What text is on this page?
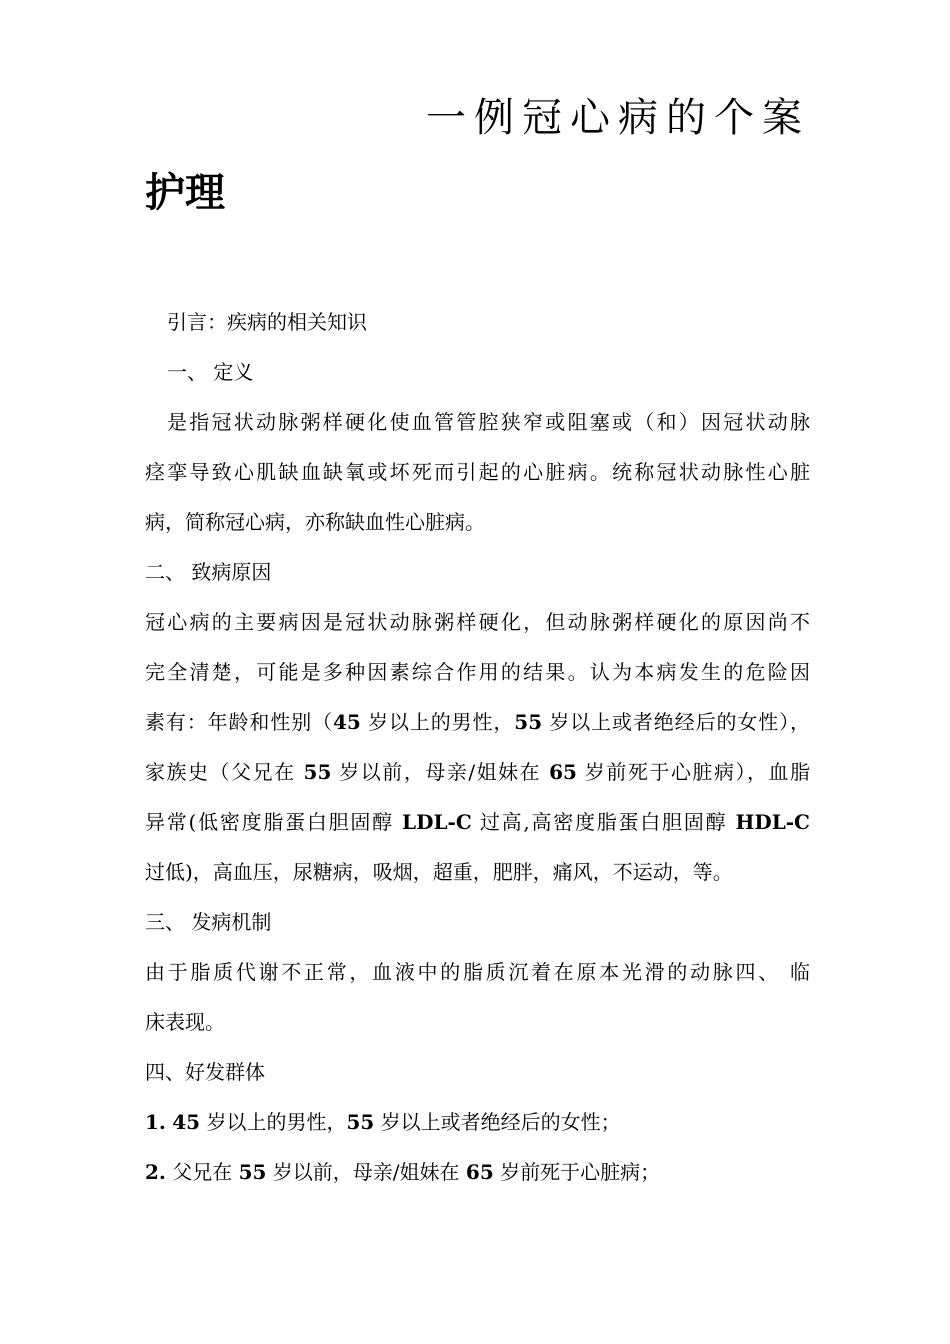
一例冠心病的个案
护理
引言：疾病的相关知识
一、 定义
是指冠状动脉粥样硬化使血管管腔狭窄或阻塞或（和）因冠状动脉
痉挛导致心肌缺血缺氧或坏死而引起的心脏病。统称冠状动脉性心脏
病，简称冠心病，亦称缺血性心脏病。
二、 致病原因
冠心病的主要病因是冠状动脉粥样硬化，但动脉粥样硬化的原因尚不
完全清楚，可能是多种因素综合作用的结果。认为本病发生的危险因
素有：年龄和性别（45 岁以上的男性，55 岁以上或者绝经后的女性），
家族史（父兄在 55 岁以前，母亲/姐妹在 65 岁前死于心脏病），血脂
异常(低密度脂蛋白胆固醇 LDL-C 过高,高密度脂蛋白胆固醇 HDL-C
过低)，高血压，尿糖病，吸烟，超重，肥胖，痛风，不运动，等。
三、 发病机制
由于脂质代谢不正常，血液中的脂质沉着在原本光滑的动脉四、 临
床表现。
四、好发群体
1. 45 岁以上的男性，55 岁以上或者绝经后的女性；
2. 父兄在 55 岁以前，母亲/姐妹在 65 岁前死于心脏病；
